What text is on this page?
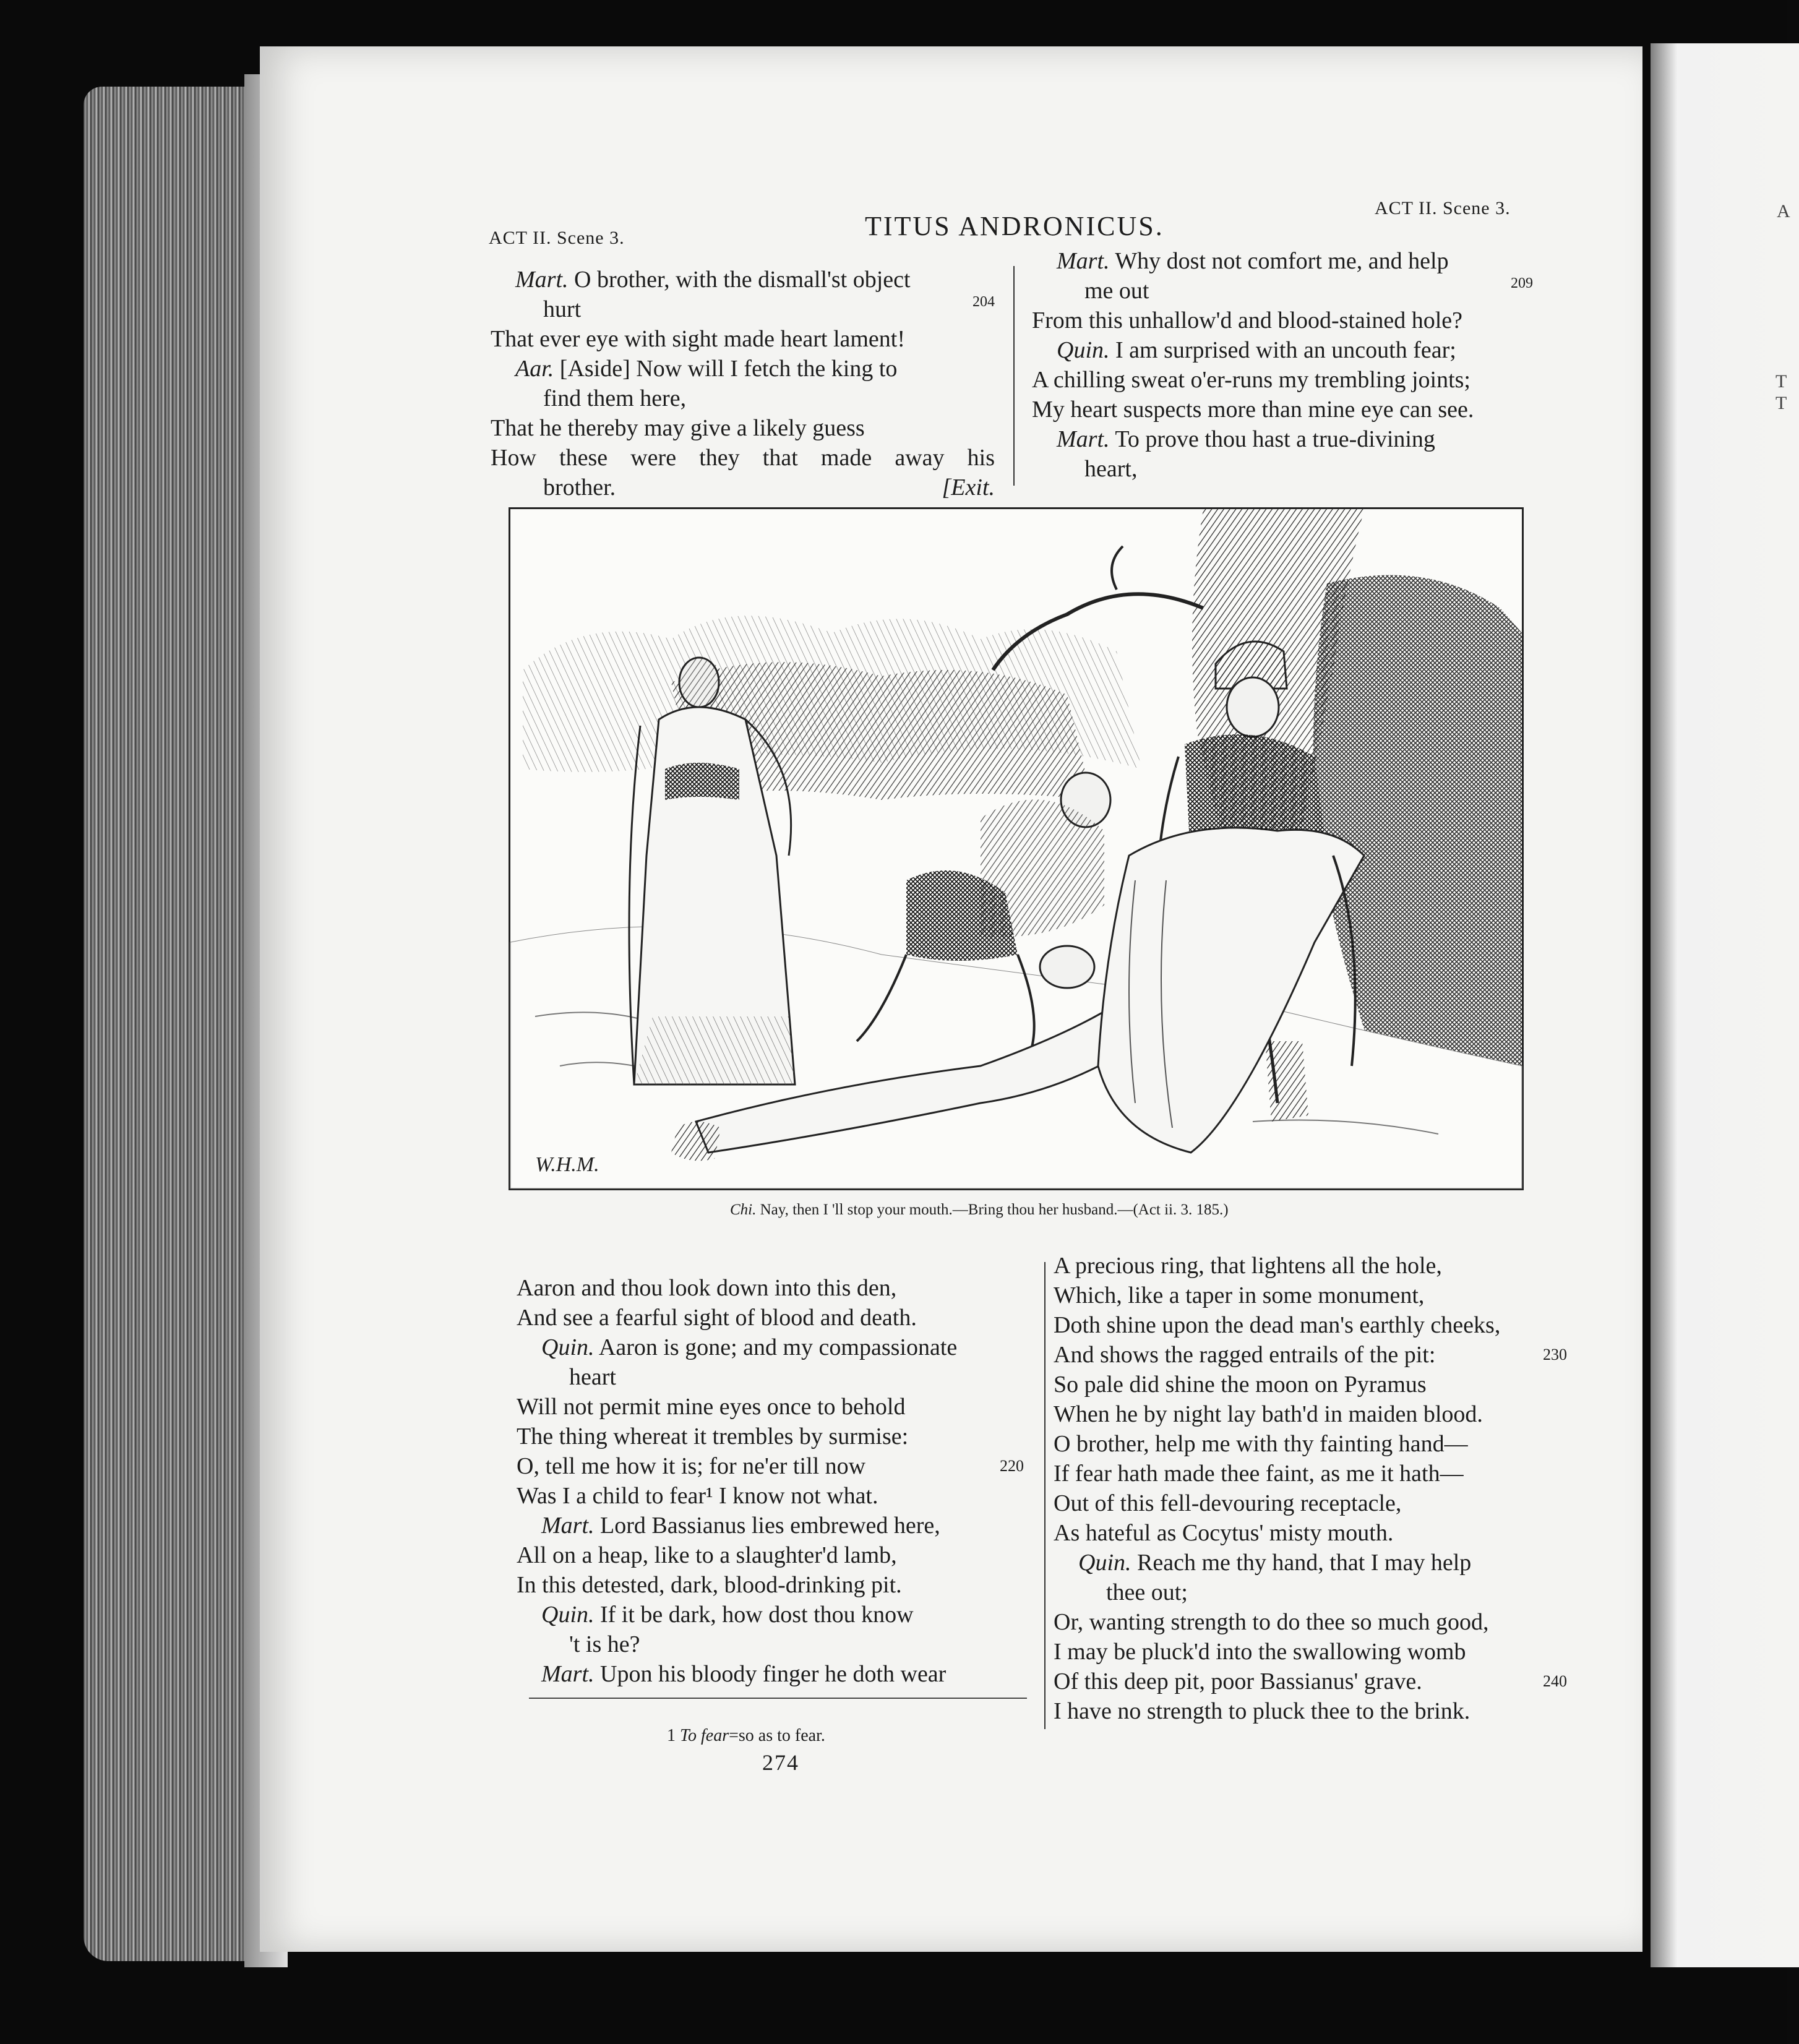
A
T
T
ACT II. Scene 3.	TITUS ANDRONICUS.
ACT II. Scene 3.
Mart. O brother, with the dismall'st object
hurt	204
That ever eye with sight made heart lament!
Aar. [Aside] Now will I fetch the king to
find them here,
That he thereby may give a likely guess
How these were they that made away his
brother.	[Exit.
Mart. Why dost not comfort me, and help
me out	209
From this unhallow'd and blood-stained hole?
Quin. I am surprised with an uncouth fear;
A chilling sweat o'er-runs my trembling joints;
My heart suspects more than mine eye can see.
Mart. To prove thou hast a true-divining
heart,
W.H.M.
Chi. Nay, then I 'll stop your mouth.—Bring thou her husband.—(Act ii. 3. 185.)
Aaron and thou look down into this den,
And see a fearful sight of blood and death.
Quin. Aaron is gone; and my compassionate
heart
Will not permit mine eyes once to behold
The thing whereat it trembles by surmise:
O, tell me how it is; for ne'er till now	220
Was I a child to fear¹ I know not what.
Mart. Lord Bassianus lies embrewed here,
All on a heap, like to a slaughter'd lamb,
In this detested, dark, blood-drinking pit.
Quin. If it be dark, how dost thou know
't is he?
Mart. Upon his bloody finger he doth wear
A precious ring, that lightens all the hole,
Which, like a taper in some monument,
Doth shine upon the dead man's earthly cheeks,
And shows the ragged entrails of the pit:	230
So pale did shine the moon on Pyramus
When he by night lay bath'd in maiden blood.
O brother, help me with thy fainting hand—
If fear hath made thee faint, as me it hath—
Out of this fell-devouring receptacle,
As hateful as Cocytus' misty mouth.
Quin. Reach me thy hand, that I may help
thee out;
Or, wanting strength to do thee so much good,
I may be pluck'd into the swallowing womb
Of this deep pit, poor Bassianus' grave.	240
I have no strength to pluck thee to the brink.
1 To fear=so as to fear.
274
